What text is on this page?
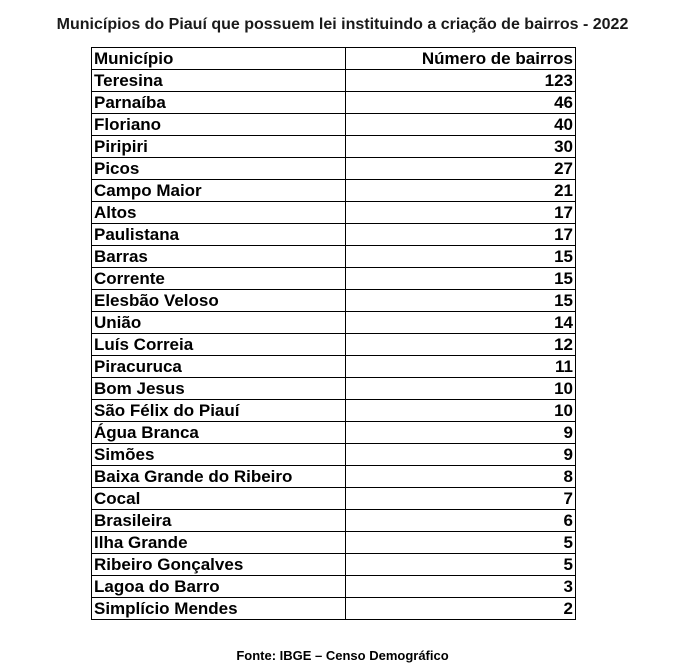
Municípios do Piauí que possuem lei instituindo a criação de bairros - 2022
Município	Número de bairros
Teresina	123
Parnaíba	46
Floriano	40
Piripiri	30
Picos	27
Campo Maior	21
Altos	17
Paulistana	17
Barras	15
Corrente	15
Elesbão Veloso	15
União	14
Luís Correia	12
Piracuruca	11
Bom Jesus	10
São Félix do Piauí	10
Água Branca	9
Simões	9
Baixa Grande do Ribeiro	8
Cocal	7
Brasileira	6
Ilha Grande	5
Ribeiro Gonçalves	5
Lagoa do Barro	3
Simplício Mendes	2
Fonte: IBGE – Censo Demográfico
